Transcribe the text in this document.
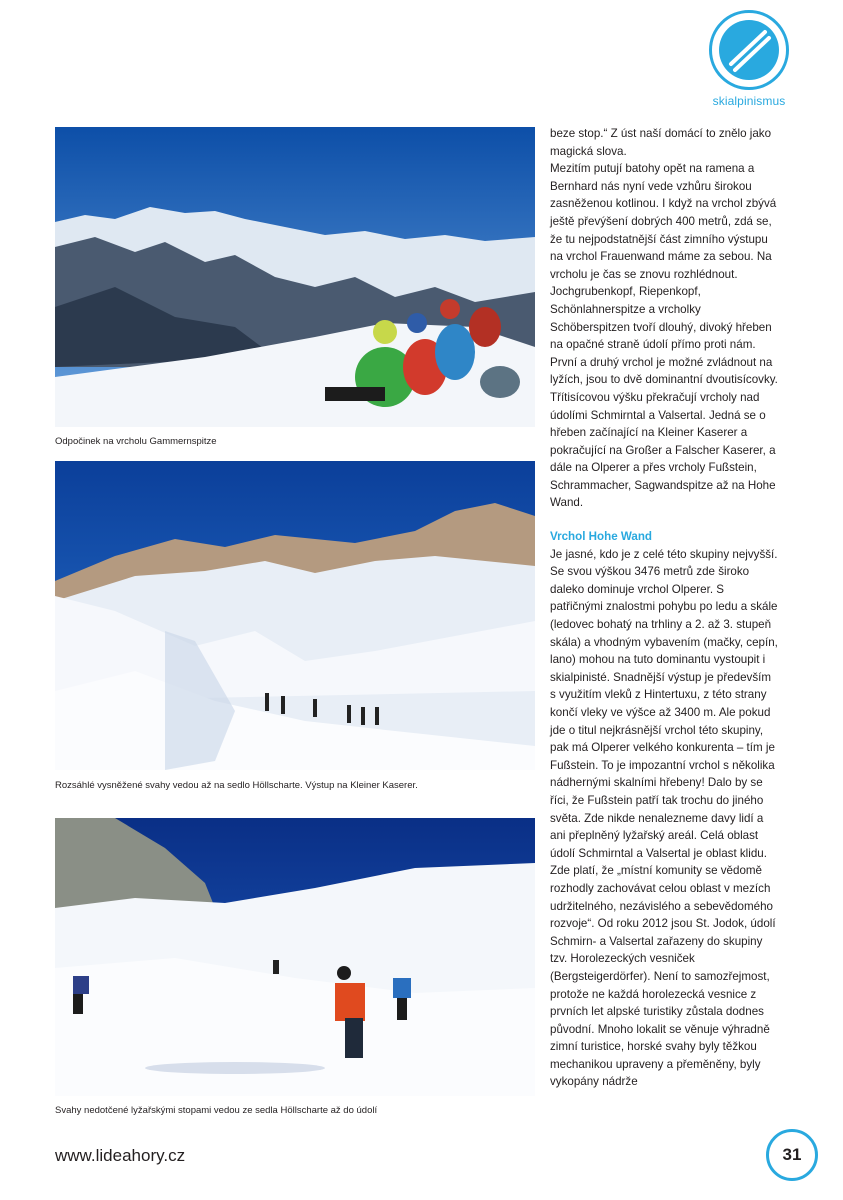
skialpinismus
Odpočinek na vrcholu Gammernspitze
Rozsáhlé vysněžené svahy vedou až na sedlo Höllscharte. Výstup na Kleiner Kaserer.
Svahy nedotčené lyžařskými stopami vedou ze sedla Höllscharte až do údolí

beze stop.“ Z úst naší domácí to znělo jako magická slova.

Mezitím putují batohy opět na ramena a Bernhard nás nyní vede vzhůru širokou zasněženou kotlinou. I když na vrchol zbývá ještě převýšení dobrých 400 metrů, zdá se, že tu nejpodstatnější část zimního výstupu na vrchol Frauenwand máme za sebou. Na vrcholu je čas se znovu rozhlédnout. Jochgrubenkopf, Riepenkopf, Schönlahnerspitze a vrcholky Schöberspitzen tvoří dlouhý, divoký hřeben na opačné straně údolí přímo proti nám. První a druhý vrchol je možné zvládnout na lyžích, jsou to dvě dominantní dvoutisícovky. Třítisícovou výšku překračují vrcholy nad údolími Schmirntal a Valsertal. Jedná se o hřeben začínající na Kleiner Kaserer a pokračující na Großer a Falscher Kaserer, a dále na Olperer a přes vrcholy Fußstein, Schrammacher, Sagwandspitze až na Hohe Wand.

Vrchol Hohe Wand

Je jasné, kdo je z celé této skupiny nejvyšší. Se svou výškou 3476 metrů zde široko daleko dominuje vrchol Olperer. S patřičnými znalostmi pohybu po ledu a skále (ledovec bohatý na trhliny a 2. až 3. stupeň skála) a vhodným vybavením (mačky, cepín, lano) mohou na tuto dominantu vystoupit i skialpinisté. Snadnější výstup je především s využitím vleků z Hintertuxu, z této strany končí vleky ve výšce až 3400 m. Ale pokud jde o titul nejkrásnější vrchol této skupiny, pak má Olperer velkého konkurenta – tím je Fußstein. To je impozantní vrchol s několika nádhernými skalními hřebeny! Dalo by se říci, že Fußstein patří tak trochu do jiného světa. Zde nikde nenalezneme davy lidí a ani přeplněný lyžařský areál. Celá oblast údolí Schmirntal a Valsertal je oblast klidu. Zde platí, že „místní komunity se vědomě rozhodly zachovávat celou oblast v mezích udržitelného, nezávislého a sebevědomého rozvoje“. Od roku 2012 jsou St. Jodok, údolí Schmirn- a Valsertal zařazeny do skupiny tzv. Horolezeckých vesniček (Bergsteigerdörfer). Není to samozřejmost, protože ne každá horolezecká vesnice z prvních let alpské turistiky zůstala dodnes původní. Mnoho lokalit se věnuje výhradně zimní turistice, horské svahy byly těžkou mechanikou upraveny a přeměněny, byly vykopány nádrže

www.lideahory.cz	31
